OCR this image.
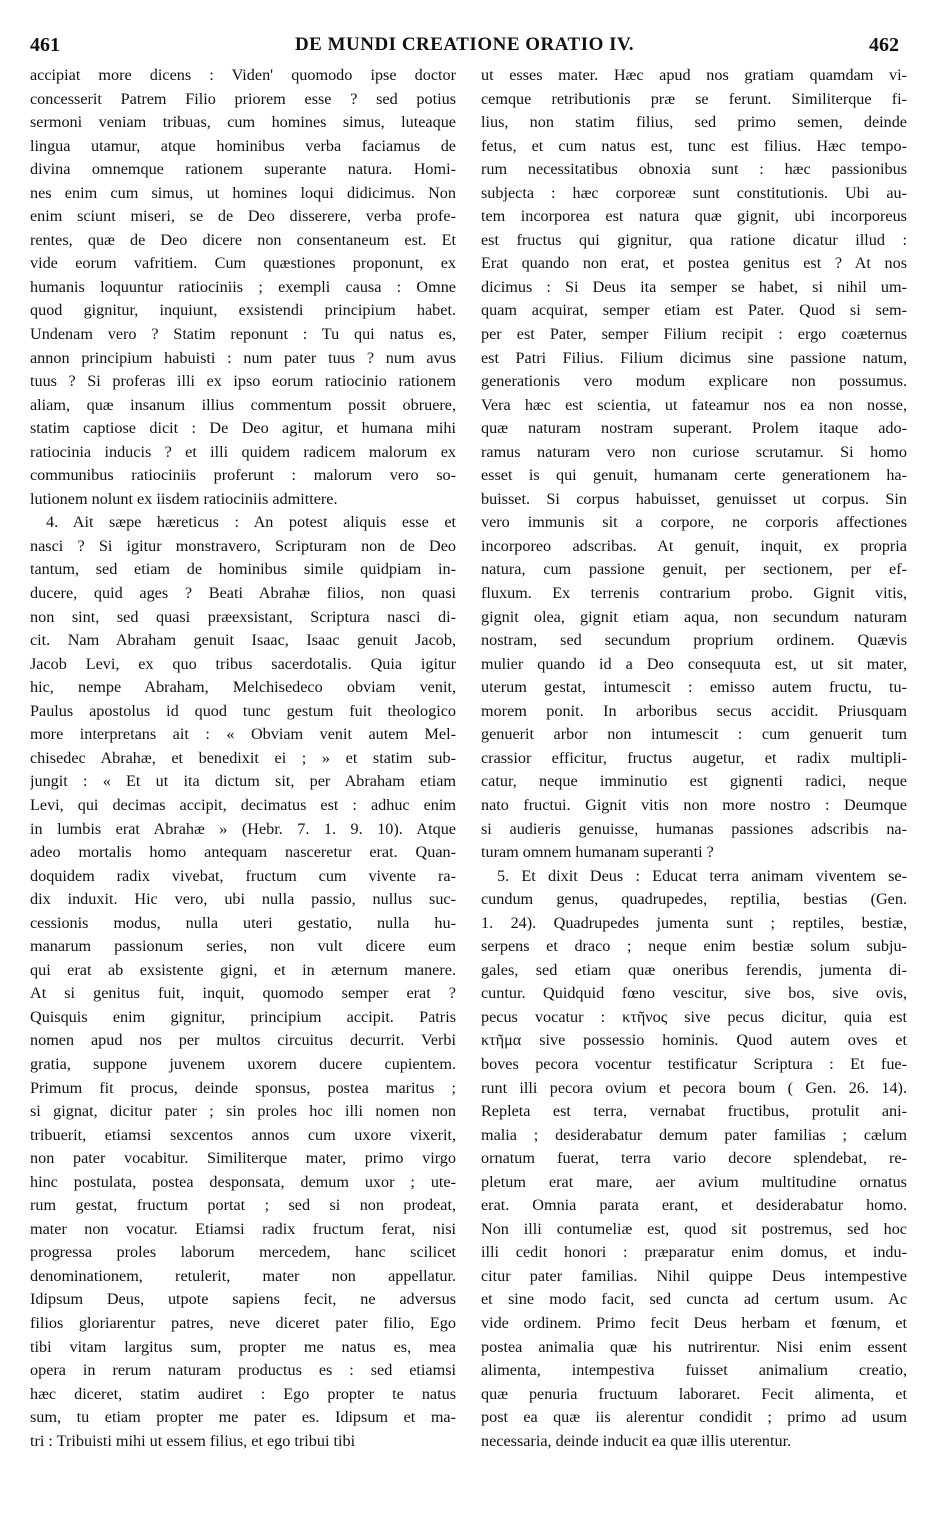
461	DE MUNDI CREATIONE ORATIO IV.	462
accipiat more dicens : Viden' quomodo ipse doctor
concesserit Patrem Filio priorem esse ? sed potius
sermoni veniam tribuas, cum homines simus, luteaque
lingua utamur, atque hominibus verba faciamus de
divina omnemque rationem superante natura. Homi-
nes enim cum simus, ut homines loqui didicimus. Non
enim sciunt miseri, se de Deo disserere, verba profe-
rentes, quæ de Deo dicere non consentaneum est. Et
vide eorum vafritiem. Cum quæstiones proponunt, ex
humanis loquuntur ratiociniis ; exempli causa : Omne
quod gignitur, inquiunt, exsistendi principium habet.
Undenam vero ? Statim reponunt : Tu qui natus es,
annon principium habuisti : num pater tuus ? num avus
tuus ? Si proferas illi ex ipso eorum ratiocinio rationem
aliam, quæ insanum illius commentum possit obruere,
statim captiose dicit : De Deo agitur, et humana mihi
ratiocinia inducis ? et illi quidem radicem malorum ex
communibus ratiociniis proferunt : malorum vero so-
lutionem nolunt ex iisdem ratiociniis admittere.
4. Ait sæpe hæreticus : An potest aliquis esse et
nasci ? Si igitur monstravero, Scripturam non de Deo
tantum, sed etiam de hominibus simile quidpiam in-
ducere, quid ages ? Beati Abrahæ filios, non quasi
non sint, sed quasi præexsistant, Scriptura nasci di-
cit. Nam Abraham genuit Isaac, Isaac genuit Jacob,
Jacob Levi, ex quo tribus sacerdotalis. Quia igitur
hic, nempe Abraham, Melchisedeco obviam venit,
Paulus apostolus id quod tunc gestum fuit theologico
more interpretans ait : « Obviam venit autem Mel-
chisedec Abrahæ, et benedixit ei ; » et statim sub-
jungit : « Et ut ita dictum sit, per Abraham etiam
Levi, qui decimas accipit, decimatus est : adhuc enim
in lumbis erat Abrahæ » (Hebr. 7. 1. 9. 10). Atque
adeo mortalis homo antequam nasceretur erat. Quan-
doquidem radix vivebat, fructum cum vivente ra-
dix induxit. Hic vero, ubi nulla passio, nullus suc-
cessionis modus, nulla uteri gestatio, nulla hu-
manarum passionum series, non vult dicere eum
qui erat ab exsistente gigni, et in æternum manere.
At si genitus fuit, inquit, quomodo semper erat ?
Quisquis enim gignitur, principium accipit. Patris
nomen apud nos per multos circuitus decurrit. Verbi
gratia, suppone juvenem uxorem ducere cupientem.
Primum fit procus, deinde sponsus, postea maritus ;
si gignat, dicitur pater ; sin proles hoc illi nomen non
tribuerit, etiamsi sexcentos annos cum uxore vixerit,
non pater vocabitur. Similiterque mater, primo virgo
hinc postulata, postea desponsata, demum uxor ; ute-
rum gestat, fructum portat ; sed si non prodeat,
mater non vocatur. Etiamsi radix fructum ferat, nisi
progressa proles laborum mercedem, hanc scilicet
denominationem, retulerit, mater non appellatur.
Idipsum Deus, utpote sapiens fecit, ne adversus
filios gloriarentur patres, neve diceret pater filio, Ego
tibi vitam largitus sum, propter me natus es, mea
opera in rerum naturam productus es : sed etiamsi
hæc diceret, statim audiret : Ego propter te natus
sum, tu etiam propter me pater es. Idipsum et ma-
tri : Tribuisti mihi ut essem filius, et ego tribui tibi
ut esses mater. Hæc apud nos gratiam quamdam vi-
cemque retributionis præ se ferunt. Similiterque fi-
lius, non statim filius, sed primo semen, deinde
fetus, et cum natus est, tunc est filius. Hæc tempo-
rum necessitatibus obnoxia sunt : hæc passionibus
subjecta : hæc corporeæ sunt constitutionis. Ubi au-
tem incorporea est natura quæ gignit, ubi incorporeus
est fructus qui gignitur, qua ratione dicatur illud :
Erat quando non erat, et postea genitus est ? At nos
dicimus : Si Deus ita semper se habet, si nihil um-
quam acquirat, semper etiam est Pater. Quod si sem-
per est Pater, semper Filium recipit : ergo coæternus
est Patri Filius. Filium dicimus sine passione natum,
generationis vero modum explicare non possumus.
Vera hæc est scientia, ut fateamur nos ea non nosse,
quæ naturam nostram superant. Prolem itaque ado-
ramus naturam vero non curiose scrutamur. Si homo
esset is qui genuit, humanam certe generationem ha-
buisset. Si corpus habuisset, genuisset ut corpus. Sin
vero immunis sit a corpore, ne corporis affectiones
incorporeo adscribas. At genuit, inquit, ex propria
natura, cum passione genuit, per sectionem, per ef-
fluxum. Ex terrenis contrarium probo. Gignit vitis,
gignit olea, gignit etiam aqua, non secundum naturam
nostram, sed secundum proprium ordinem. Quævis
mulier quando id a Deo consequuta est, ut sit mater,
uterum gestat, intumescit : emisso autem fructu, tu-
morem ponit. In arboribus secus accidit. Priusquam
genuerit arbor non intumescit : cum genuerit tum
crassior efficitur, fructus augetur, et radix multipli-
catur, neque imminutio est gignenti radici, neque
nato fructui. Gignit vitis non more nostro : Deumque
si audieris genuisse, humanas passiones adscribis na-
turam omnem humanam superanti ?
5. Et dixit Deus : Educat terra animam viventem se-
cundum genus, quadrupedes, reptilia, bestias (Gen.
1. 24). Quadrupedes jumenta sunt ; reptiles, bestiæ,
serpens et draco ; neque enim bestiæ solum subju-
gales, sed etiam quæ oneribus ferendis, jumenta di-
cuntur. Quidquid fœno vescitur, sive bos, sive ovis,
pecus vocatur : κτῆνος sive pecus dicitur, quia est
κτῆμα sive possessio hominis. Quod autem oves et
boves pecora vocentur testificatur Scriptura : Et fue-
runt illi pecora ovium et pecora boum ( Gen. 26. 14).
Repleta est terra, vernabat fructibus, protulit ani-
malia ; desiderabatur demum pater familias ; cælum
ornatum fuerat, terra vario decore splendebat, re-
pletum erat mare, aer avium multitudine ornatus
erat. Omnia parata erant, et desiderabatur homo.
Non illi contumeliæ est, quod sit postremus, sed hoc
illi cedit honori : præparatur enim domus, et indu-
citur pater familias. Nihil quippe Deus intempestive
et sine modo facit, sed cuncta ad certum usum. Ac
vide ordinem. Primo fecit Deus herbam et fœnum, et
postea animalia quæ his nutrirentur. Nisi enim essent
alimenta, intempestiva fuisset animalium creatio,
quæ penuria fructuum laboraret. Fecit alimenta, et
post ea quæ iis alerentur condidit ; primo ad usum
necessaria, deinde inducit ea quæ illis uterentur.
